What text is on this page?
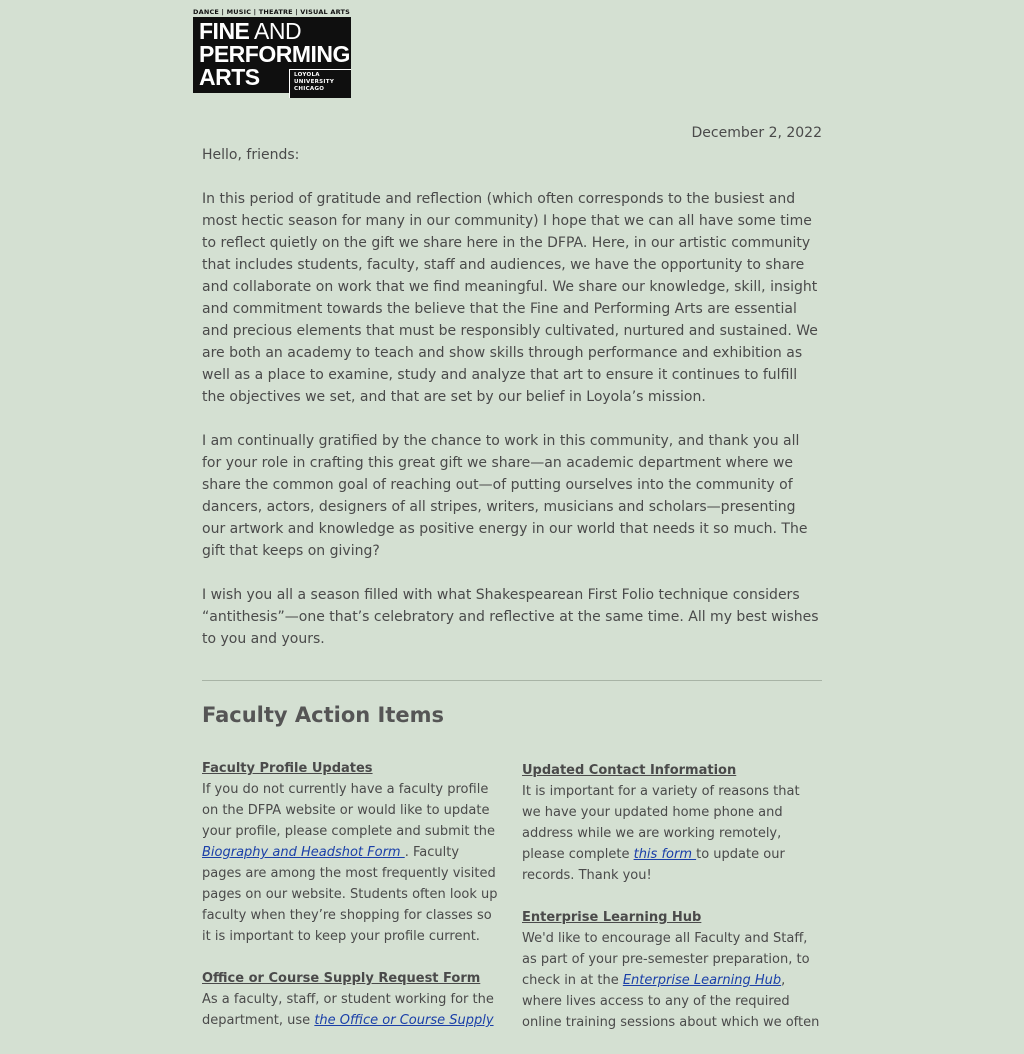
DANCE | MUSIC | THEATRE | VISUAL ARTS
FINE AND
PERFORMING
ARTS	LOYOLA
UNIVERSITY
CHICAGO
December 2, 2022

Hello, friends:

In this period of gratitude and reflection (which often corresponds to the busiest and most hectic season for many in our community) I hope that we can all have some time to reflect quietly on the gift we share here in the DFPA. Here, in our artistic community that includes students, faculty, staff and audiences, we have the opportunity to share and collaborate on work that we find meaningful. We share our knowledge, skill, insight and commitment towards the believe that the Fine and Performing Arts are essential and precious elements that must be responsibly cultivated, nurtured and sustained. We are both an academy to teach and show skills through performance and exhibition as well as a place to examine, study and analyze that art to ensure it continues to fulfill the objectives we set, and that are set by our belief in Loyola’s mission.

I am continually gratified by the chance to work in this community, and thank you all for your role in crafting this great gift we share—an academic department where we share the common goal of reaching out—of putting ourselves into the community of dancers, actors, designers of all stripes, writers, musicians and scholars—presenting our artwork and knowledge as positive energy in our world that needs it so much. The gift that keeps on giving?

I wish you all a season filled with what Shakespearean First Folio technique considers “antithesis”—one that’s celebratory and reflective at the same time. All my best wishes to you and yours.

Faculty Action Items
Faculty Profile Updates
If you do not currently have a faculty profile on the DFPA website or would like to update your profile, please complete and submit the Biography and Headshot Form . Faculty pages are among the most frequently visited pages on our website. Students often look up faculty when they’re shopping for classes so it is important to keep your profile current.
Office or Course Supply Request Form
As a faculty, staff, or student working for the department, use the Office or Course Supply
Updated Contact Information
It is important for a variety of reasons that we have your updated home phone and address while we are working remotely, please complete this form to update our records. Thank you!
Enterprise Learning Hub
We'd like to encourage all Faculty and Staff, as part of your pre-semester preparation, to check in at the Enterprise Learning Hub, where lives access to any of the required online training sessions about which we often
